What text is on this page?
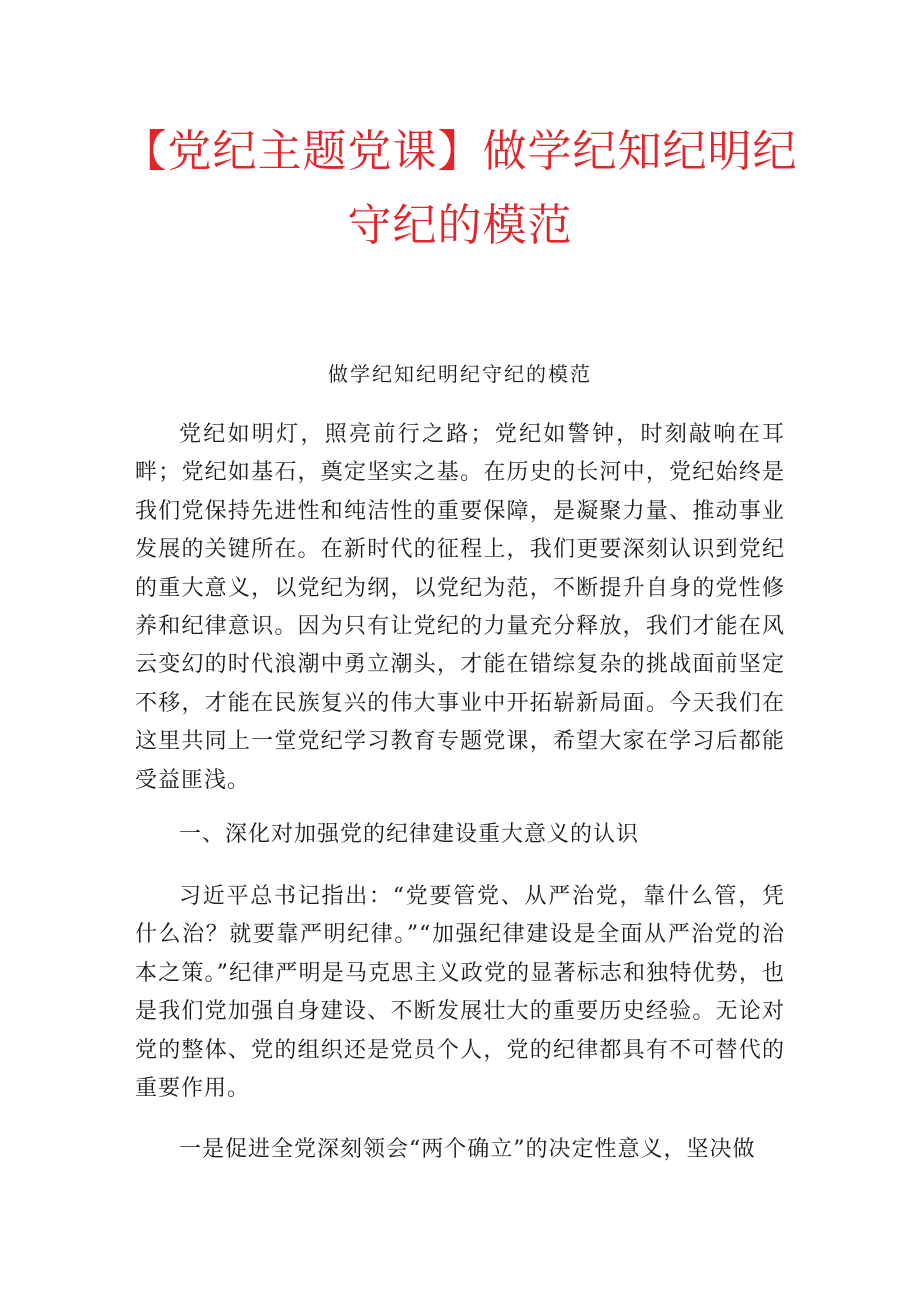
【党纪主题党课】做学纪知纪明纪
守纪的模范
做学纪知纪明纪守纪的模范

党纪如明灯，照亮前行之路；党纪如警钟，时刻敲响在耳畔；党纪如基石，奠定坚实之基。在历史的长河中，党纪始终是我们党保持先进性和纯洁性的重要保障，是凝聚力量、推动事业发展的关键所在。在新时代的征程上，我们更要深刻认识到党纪的重大意义，以党纪为纲，以党纪为范，不断提升自身的党性修养和纪律意识。因为只有让党纪的力量充分释放，我们才能在风云变幻的时代浪潮中勇立潮头，才能在错综复杂的挑战面前坚定不移，才能在民族复兴的伟大事业中开拓崭新局面。今天我们在这里共同上一堂党纪学习教育专题党课，希望大家在学习后都能受益匪浅。

一、深化对加强党的纪律建设重大意义的认识

习近平总书记指出：“党要管党、从严治党，靠什么管，凭什么治？就要靠严明纪律。”“加强纪律建设是全面从严治党的治本之策。”纪律严明是马克思主义政党的显著标志和独特优势，也是我们党加强自身建设、不断发展壮大的重要历史经验。无论对党的整体、党的组织还是党员个人，党的纪律都具有不可替代的重要作用。

一是促进全党深刻领会“两个确立”的决定性意义，坚决做
